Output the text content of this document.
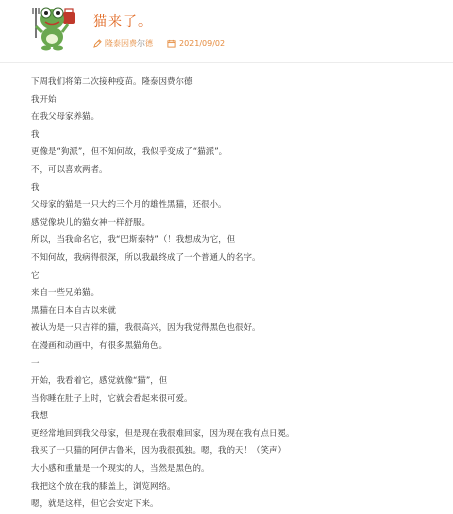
猫来了。
隆泰因费尔德	2021/09/02
下周我们将第二次接种疫苗。隆泰因费尔德
我开始
在我父母家养猫。
我
更像是“狗派”，但不知何故，我似乎变成了“猫派”。
不，可以喜欢两者。
我
父母家的猫是一只大约三个月的雄性黑猫，还很小。
感觉像块儿的猫女神一样舒服。
所以，当我命名它，我“巴斯泰特”（！我想成为它，但
不知何故，我病得很深，所以我最终成了一个普通人的名字。
它
来自一些兄弟猫。
黑猫在日本自古以来就
被认为是一只吉祥的猫，我很高兴，因为我觉得黑色也很好。
在漫画和动画中，有很多黑猫角色。
一
开始，我看着它，感觉就像“猫”，但
当你睡在肚子上时，它就会看起来很可爱。
我想
更经常地回到我父母家，但是现在我很难回家，因为现在我有点日冕。
我买了一只猫的阿伊古鲁米，因为我很孤独。嗯，我的天！（笑声）
大小感和重量是一个现实的人，当然是黑色的。
我把这个放在我的膝盖上，浏览网络。
嗯，就是这样，但它会安定下来。
